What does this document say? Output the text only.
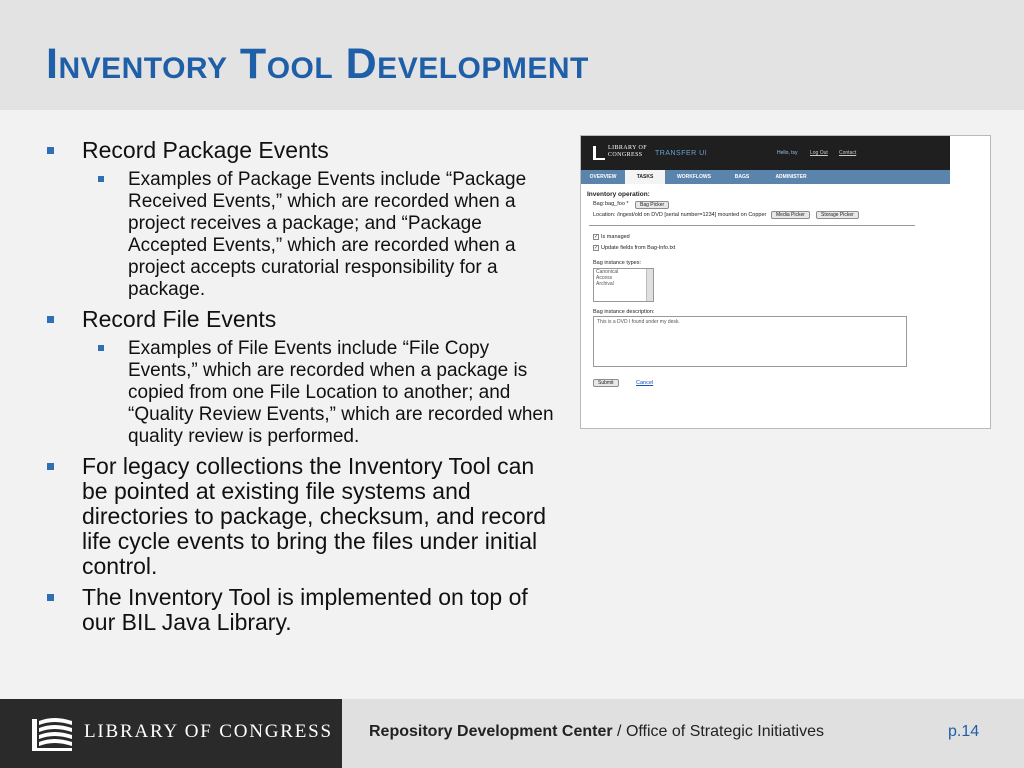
Inventory Tool Development
Record Package Events
Examples of Package Events include “Package Received Events,” which are recorded when a project receives a package; and “Package Accepted Events,” which are recorded when a project accepts curatorial responsibility for a package.
Record File Events
Examples of File Events include “File Copy Events,” which are recorded when a package is copied from one File Location to another; and “Quality Review Events,” which are recorded when quality review is performed.
For legacy collections the Inventory Tool can be pointed at existing file systems and directories to package, checksum, and record life cycle events to bring the files under initial control.
The Inventory Tool is implemented on top of our BIL Java Library.
LIBRARY OF CONGRESS	TRANSFER UI	Hello, tsy Log Out Contact
OVERVIEW	TASKS	WORKFLOWS	BAGS	ADMINISTER
Inventory operation:
Bag: bag_foo *	Bag Picker
Location: /ingest/old on DVD [serial number=1234] mounted on Copper	Media Picker	Storage Picker
✓ Is managed
✓ Update fields from Bag-Info.txt
Bag instance types:
Canonical
Access
Archival
Bag instance description:
This is a DVD I found under my desk.
Submit	Cancel
LIBRARY OF CONGRESS Repository Development Center / Office of Strategic Initiatives	p.14
